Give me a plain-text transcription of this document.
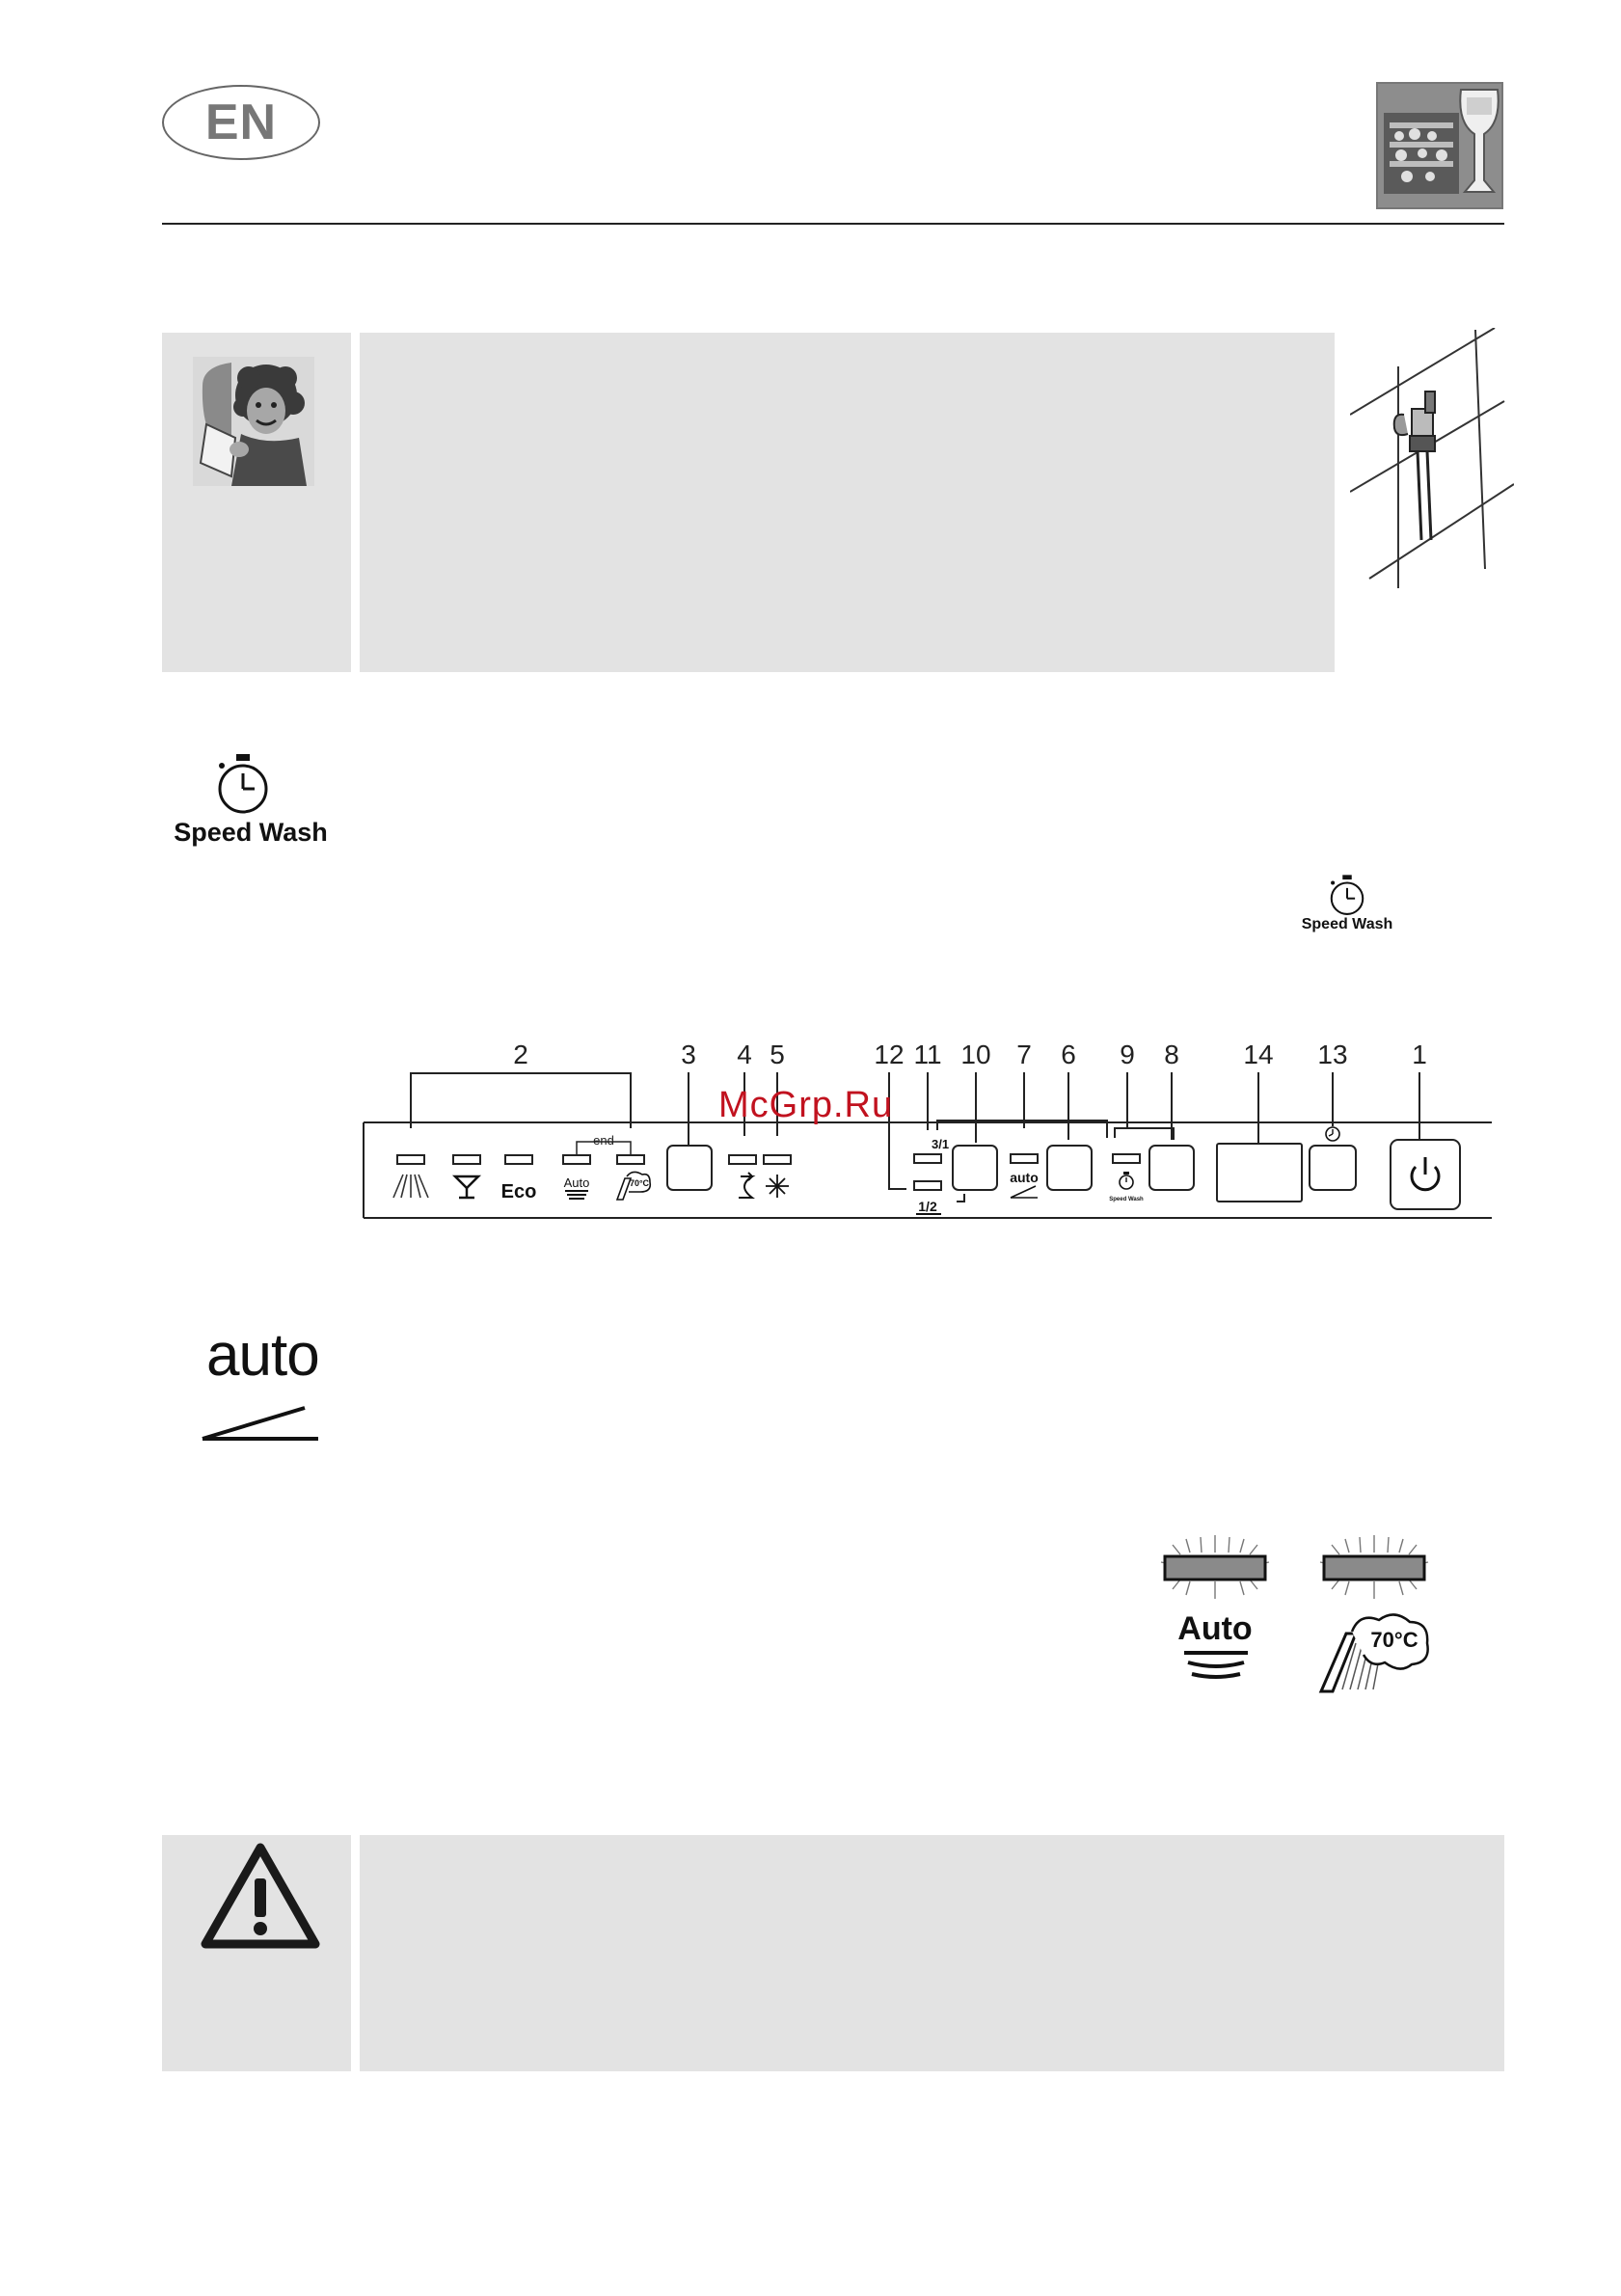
EN
Speed Wash
Speed Wash
2	3 4 5	12 11 10 7 6 9 8 14 13 1
end
Eco Auto	70°C
3/1
1/2
auto
Speed Wash
McGrp.Ru
auto
Auto	70°C
